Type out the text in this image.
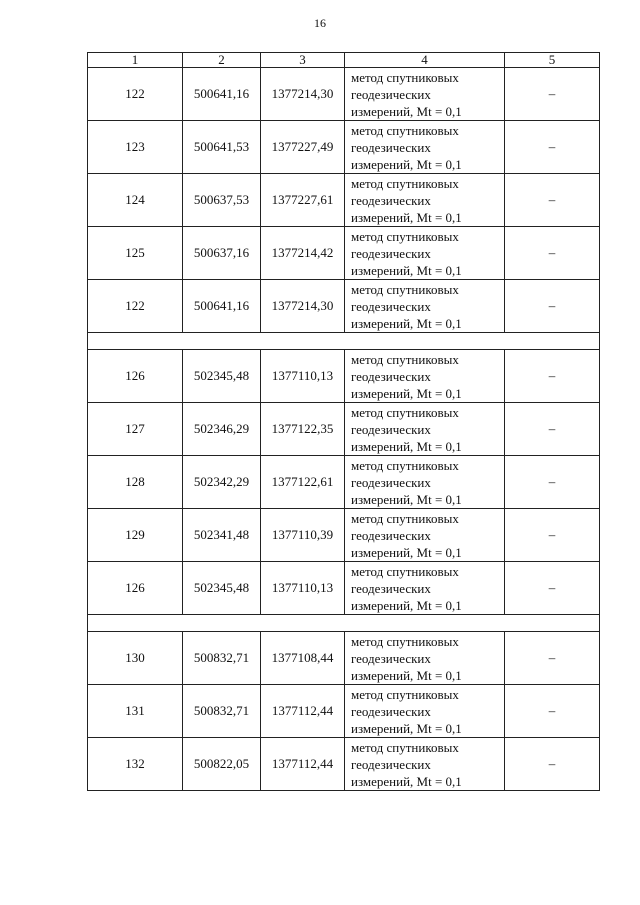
16
1	2	3	4	5
122	500641,16	1377214,30	метод спутниковых
геодезических
измерений, Mt = 0,1	–
123	500641,53	1377227,49	метод спутниковых
геодезических
измерений, Mt = 0,1	–
124	500637,53	1377227,61	метод спутниковых
геодезических
измерений, Mt = 0,1	–
125	500637,16	1377214,42	метод спутниковых
геодезических
измерений, Mt = 0,1	–
122	500641,16	1377214,30	метод спутниковых
геодезических
измерений, Mt = 0,1	–

126	502345,48	1377110,13	метод спутниковых
геодезических
измерений, Mt = 0,1	–
127	502346,29	1377122,35	метод спутниковых
геодезических
измерений, Mt = 0,1	–
128	502342,29	1377122,61	метод спутниковых
геодезических
измерений, Mt = 0,1	–
129	502341,48	1377110,39	метод спутниковых
геодезических
измерений, Mt = 0,1	–
126	502345,48	1377110,13	метод спутниковых
геодезических
измерений, Mt = 0,1	–

130	500832,71	1377108,44	метод спутниковых
геодезических
измерений, Mt = 0,1	–
131	500832,71	1377112,44	метод спутниковых
геодезических
измерений, Mt = 0,1	–
132	500822,05	1377112,44	метод спутниковых
геодезических
измерений, Mt = 0,1	–
